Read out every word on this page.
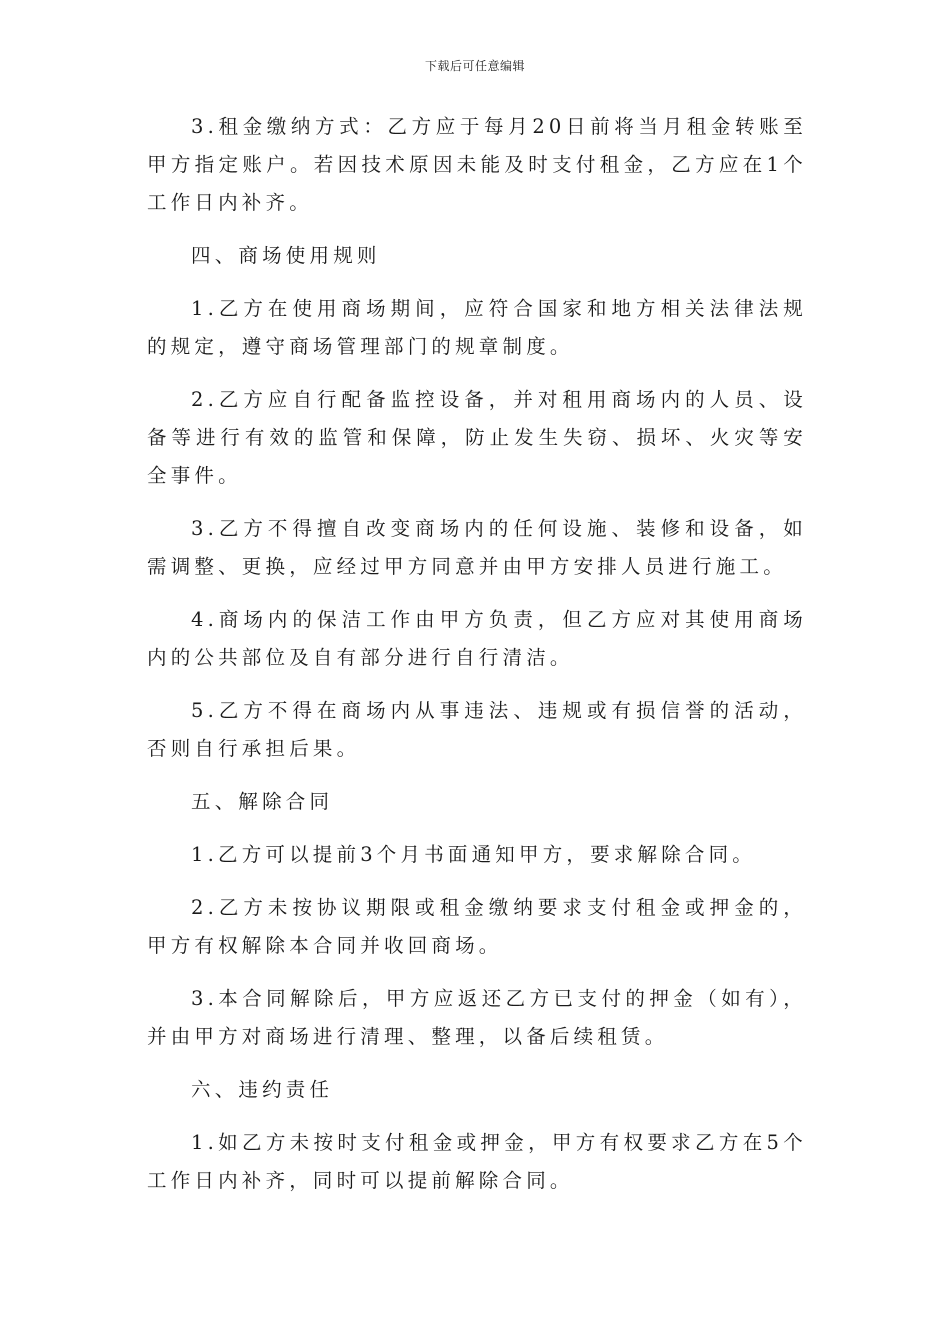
下载后可任意编辑

3.租金缴纳方式：乙方应于每月20日前将当月租金转账至甲方指定账户。若因技术原因未能及时支付租金，乙方应在1个工作日内补齐。

四、商场使用规则

1.乙方在使用商场期间，应符合国家和地方相关法律法规的规定，遵守商场管理部门的规章制度。

2.乙方应自行配备监控设备，并对租用商场内的人员、设备等进行有效的监管和保障，防止发生失窃、损坏、火灾等安全事件。

3.乙方不得擅自改变商场内的任何设施、装修和设备，如需调整、更换，应经过甲方同意并由甲方安排人员进行施工。

4.商场内的保洁工作由甲方负责，但乙方应对其使用商场内的公共部位及自有部分进行自行清洁。

5.乙方不得在商场内从事违法、违规或有损信誉的活动，否则自行承担后果。

五、解除合同

1.乙方可以提前3个月书面通知甲方，要求解除合同。

2.乙方未按协议期限或租金缴纳要求支付租金或押金的，甲方有权解除本合同并收回商场。

3.本合同解除后，甲方应返还乙方已支付的押金（如有），并由甲方对商场进行清理、整理，以备后续租赁。

六、违约责任

1.如乙方未按时支付租金或押金，甲方有权要求乙方在5个工作日内补齐，同时可以提前解除合同。
